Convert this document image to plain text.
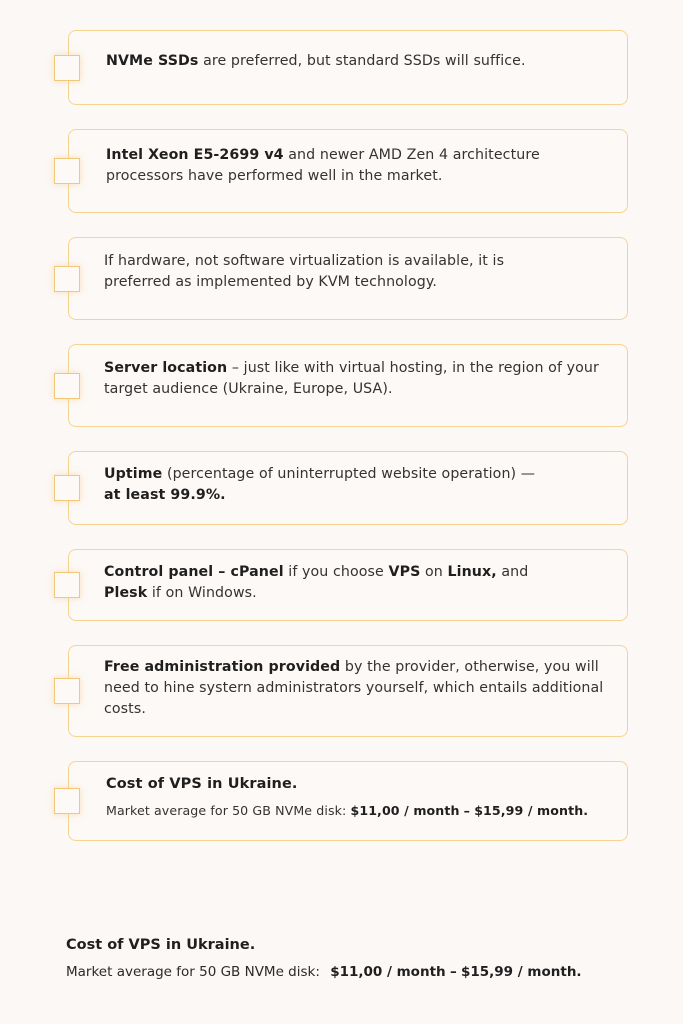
NVMe SSDs are preferred, but standard SSDs will suffice.
Intel Xeon E5-2699 v4 and newer AMD Zen 4 architecture processors have performed well in the market.
If hardware, not software virtualization is available, it is preferred as implemented by KVM technology.
Server location – just like with virtual hosting, in the region of your target audience (Ukraine, Europe, USA).
Uptime (percentage of uninterrupted website operation) —
at least 99.9%.
Control panel – cPanel if you choose VPS on Linux, and
Plesk if on Windows.
Free administration provided by the provider, otherwise, you will need to hine systern administrators yourself, which entails additional costs.
Cost of VPS in Ukraine.
Market average for 50 GB NVMe disk: $11,00 / month – $15,99 / month.
Cost of VPS in Ukraine.
Market average for 50 GB NVMe disk: $11,00 / month – $15,99 / month.
